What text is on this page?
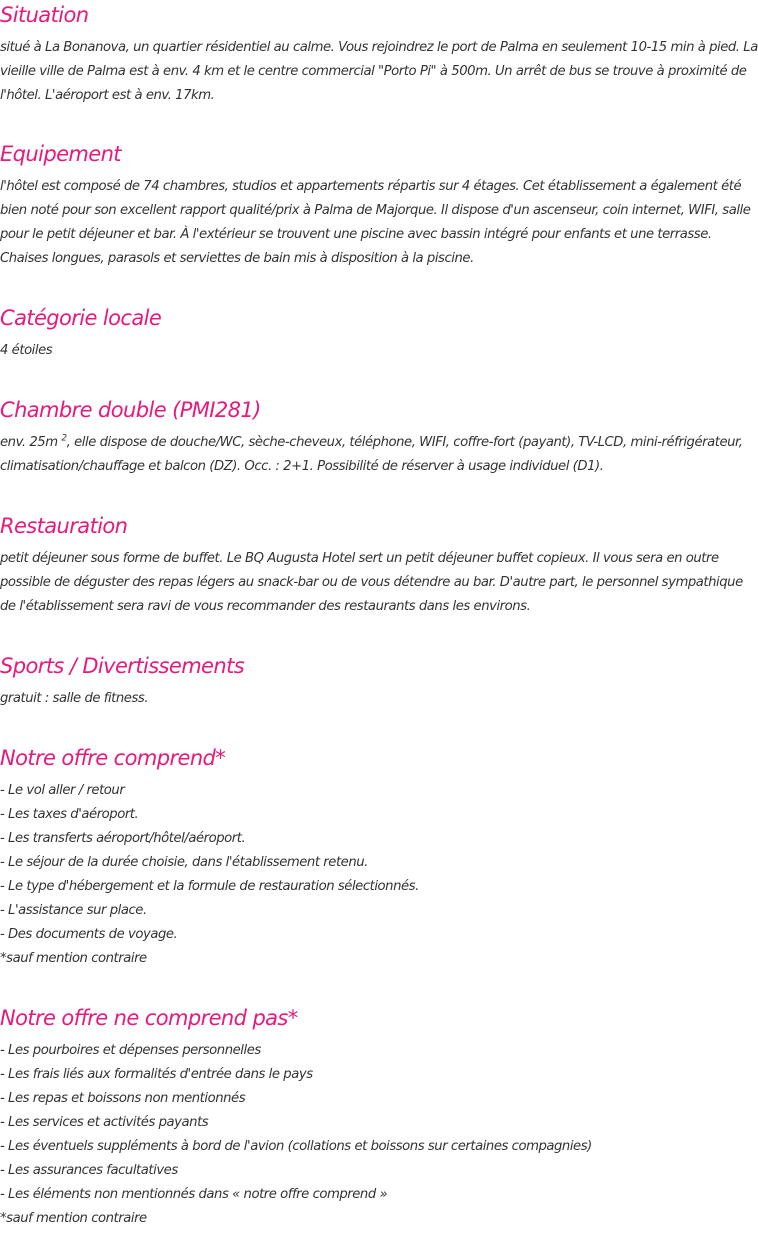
Situation

situé à La Bonanova, un quartier résidentiel au calme. Vous rejoindrez le port de Palma en seulement 10-15 min à pied. La vieille ville de Palma est à env. 4 km et le centre commercial "Porto Pi" à 500m. Un arrêt de bus se trouve à proximité de l'hôtel. L'aéroport est à env. 17km.

Equipement

l'hôtel est composé de 74 chambres, studios et appartements répartis sur 4 étages. Cet établissement a également été bien noté pour son excellent rapport qualité/prix à Palma de Majorque. Il dispose d'un ascenseur, coin internet, WIFI, salle pour le petit déjeuner et bar. À l'extérieur se trouvent une piscine avec bassin intégré pour enfants et une terrasse. Chaises longues, parasols et serviettes de bain mis à disposition à la piscine.

Catégorie locale

4 étoiles

Chambre double (PMI281)

env. 25m $^2$, elle dispose de douche/WC, sèche-cheveux, téléphone, WIFI, coffre-fort (payant), TV-LCD, mini-réfrigérateur, climatisation/chauffage et balcon (DZ). Occ. : 2+1. Possibilité de réserver à usage individuel (D1).

Restauration

petit déjeuner sous forme de buffet. Le BQ Augusta Hotel sert un petit déjeuner buffet copieux. Il vous sera en outre possible de déguster des repas légers au snack-bar ou de vous détendre au bar. D'autre part, le personnel sympathique de l'établissement sera ravi de vous recommander des restaurants dans les environs.

Sports / Divertissements

gratuit : salle de fitness.

Notre offre comprend*
- Le vol aller / retour
- Les taxes d'aéroport.
- Les transferts aéroport/hôtel/aéroport.
- Le séjour de la durée choisie, dans l'établissement retenu.
- Le type d'hébergement et la formule de restauration sélectionnés.
- L'assistance sur place.
- Des documents de voyage.

*sauf mention contraire

Notre offre ne comprend pas*
- Les pourboires et dépenses personnelles
- Les frais liés aux formalités d'entrée dans le pays
- Les repas et boissons non mentionnés
- Les services et activités payants
- Les éventuels suppléments à bord de l'avion (collations et boissons sur certaines compagnies)
- Les assurances facultatives
- Les éléments non mentionnés dans « notre offre comprend »

*sauf mention contraire
